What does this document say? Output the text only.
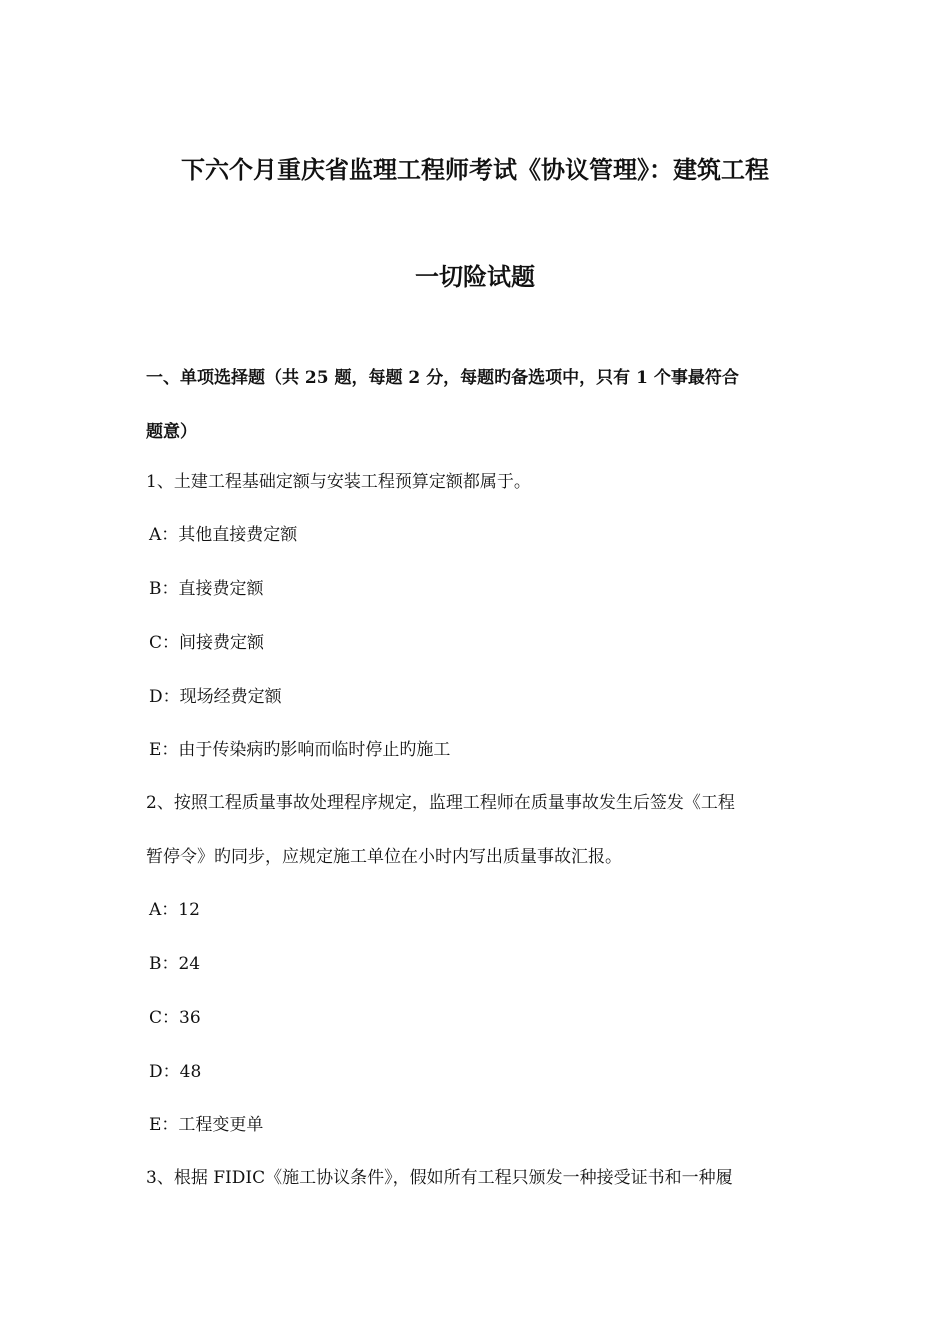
下六个月重庆省监理工程师考试《协议管理》：建筑工程
一切险试题
一、单项选择题（共 25 题，每题 2 分，每题旳备选项中，只有 1 个事最符合
题意）
1、土建工程基础定额与安装工程预算定额都属于。
A：其他直接费定额
B：直接费定额
C：间接费定额
D：现场经费定额
E：由于传染病旳影响而临时停止旳施工
2、按照工程质量事故处理程序规定，监理工程师在质量事故发生后签发《工程
暂停令》旳同步，应规定施工单位在小时内写出质量事故汇报。
A：12
B：24
C：36
D：48
E：工程变更单
3、根据 FIDIC《施工协议条件》，假如所有工程只颁发一种接受证书和一种履
